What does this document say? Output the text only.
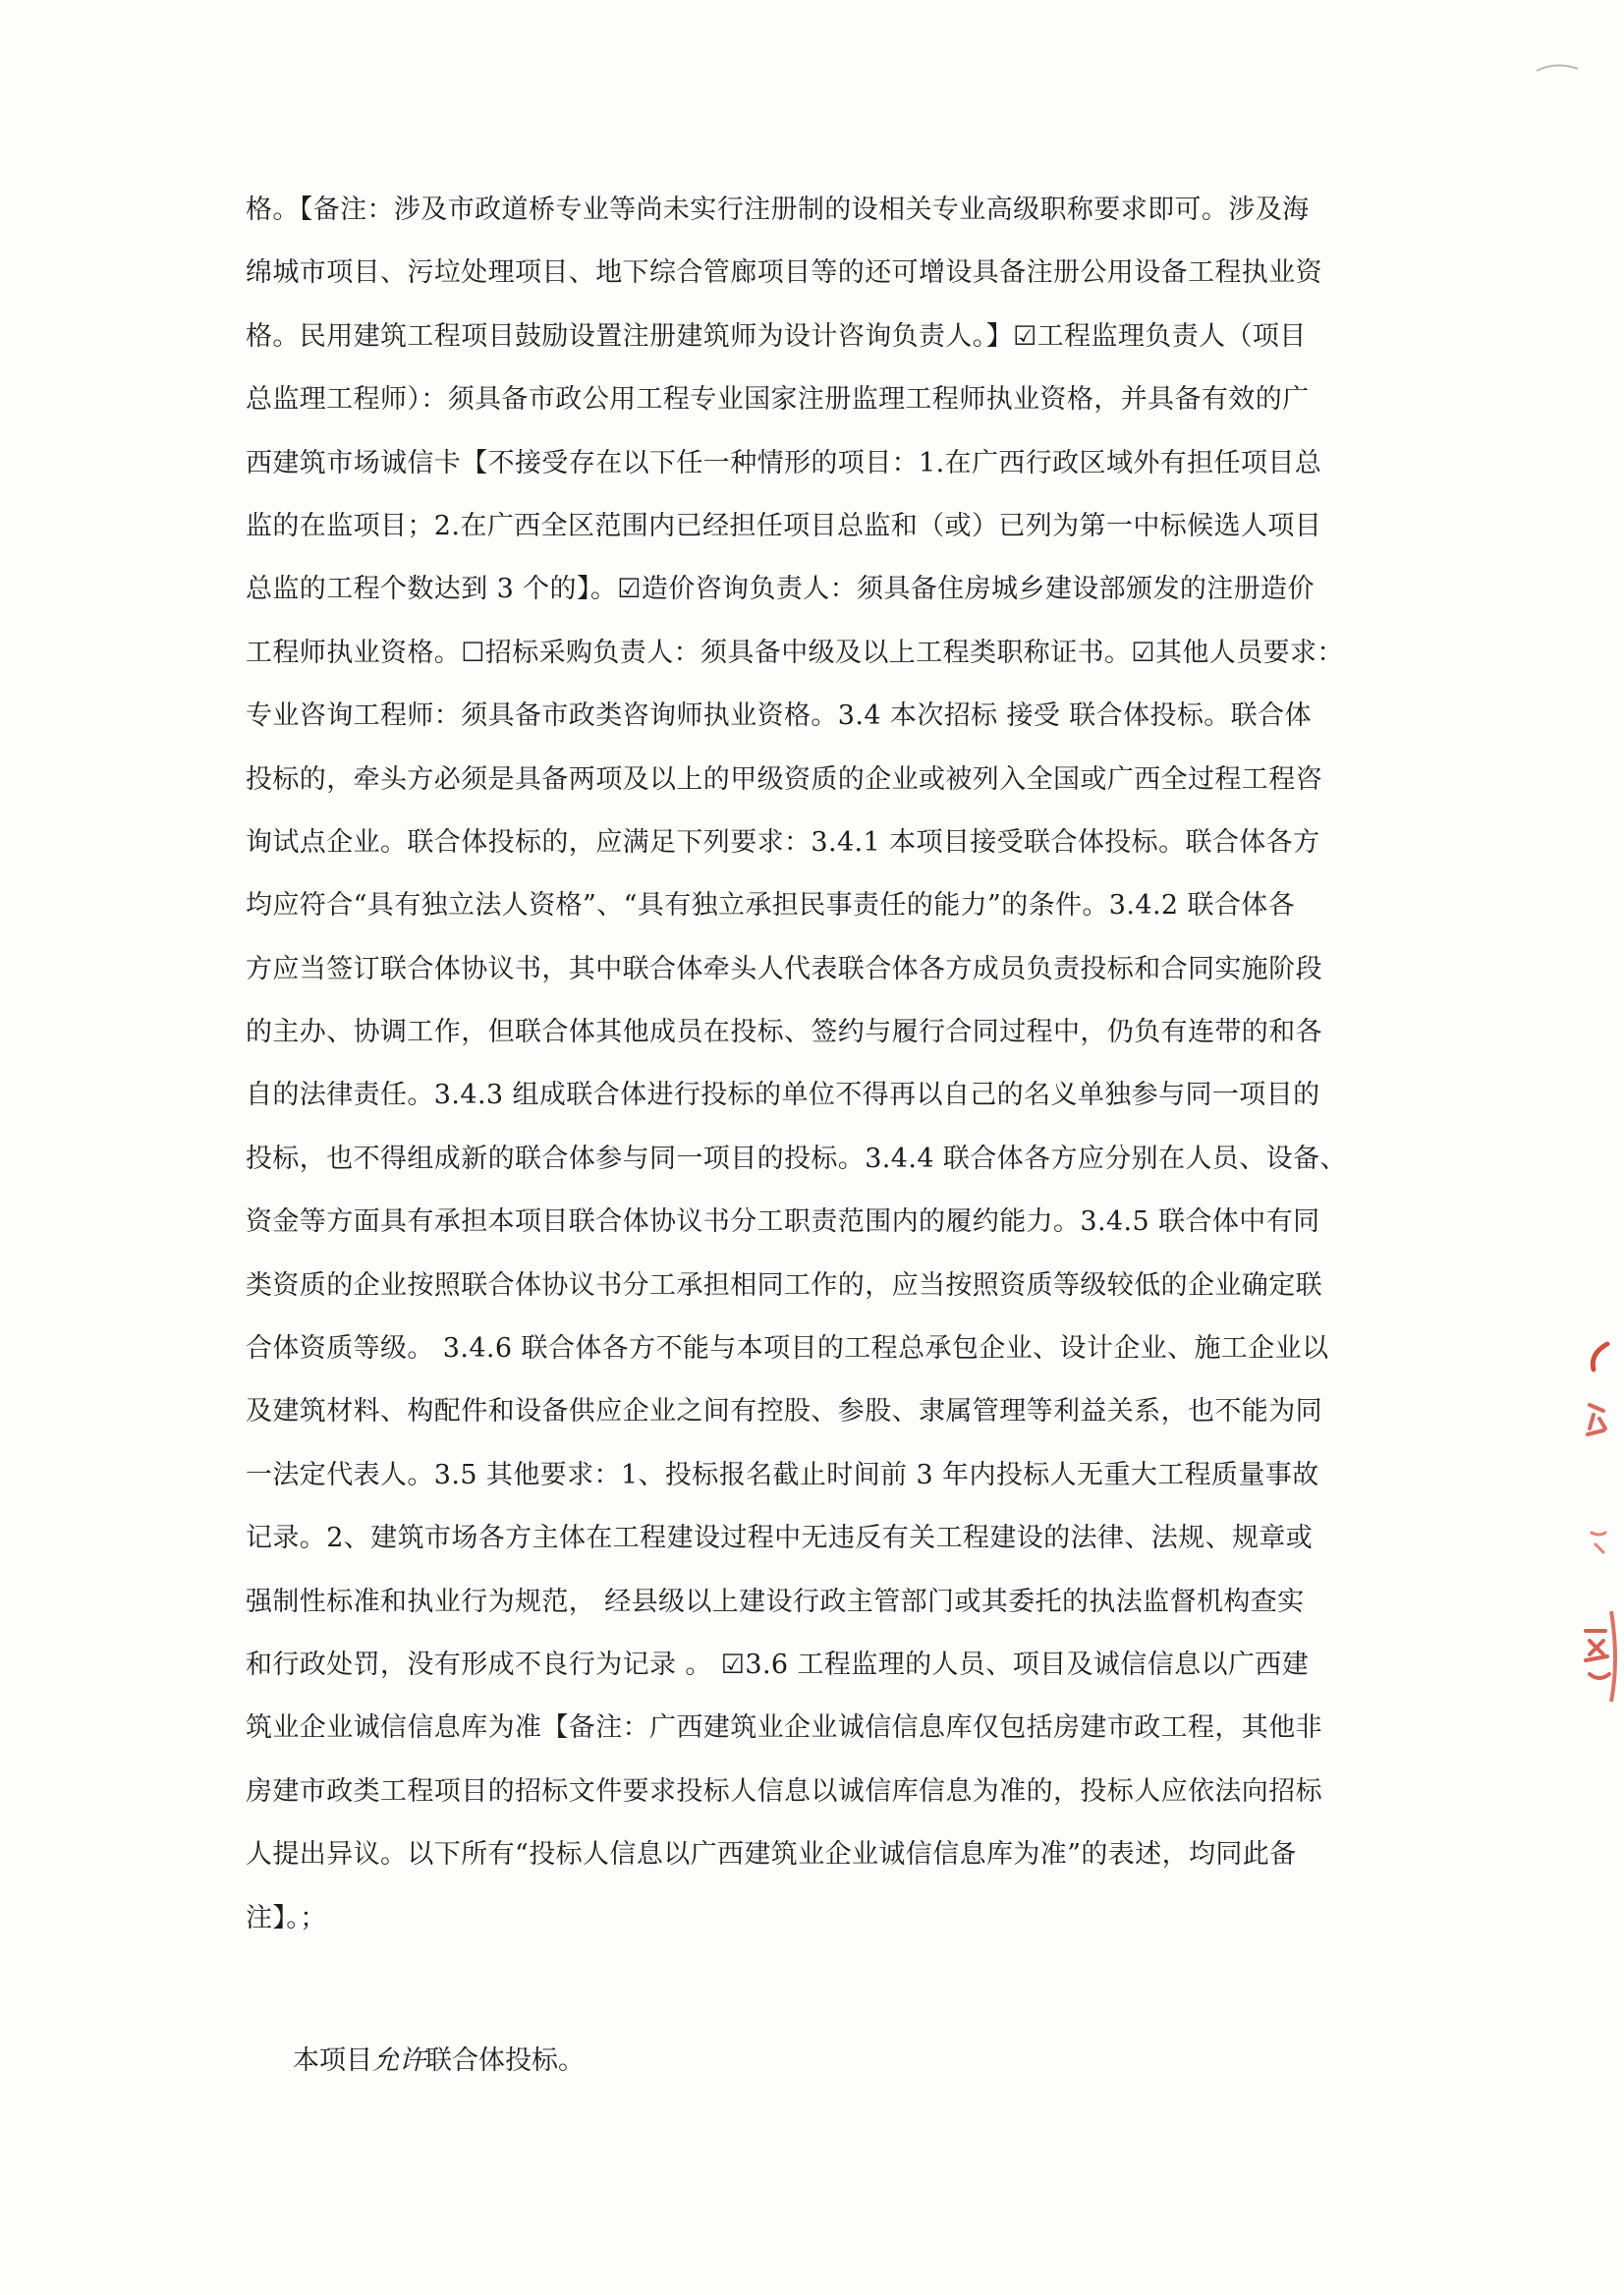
格。【备注：涉及市政道桥专业等尚未实行注册制的设相关专业高级职称要求即可。涉及海
绵城市项目、污垃处理项目、地下综合管廊项目等的还可增设具备注册公用设备工程执业资
格。民用建筑工程项目鼓励设置注册建筑师为设计咨询负责人。】☑工程监理负责人（项目
总监理工程师）：须具备市政公用工程专业国家注册监理工程师执业资格，并具备有效的广
西建筑市场诚信卡【不接受存在以下任一种情形的项目：1.在广西行政区域外有担任项目总
监的在监项目；2.在广西全区范围内已经担任项目总监和（或）已列为第一中标候选人项目
总监的工程个数达到 3 个的】。☑造价咨询负责人：须具备住房城乡建设部颁发的注册造价
工程师执业资格。☐招标采购负责人：须具备中级及以上工程类职称证书。☑其他人员要求：
专业咨询工程师：须具备市政类咨询师执业资格。3.4 本次招标 接受 联合体投标。联合体
投标的，牵头方必须是具备两项及以上的甲级资质的企业或被列入全国或广西全过程工程咨
询试点企业。联合体投标的，应满足下列要求：3.4.1 本项目接受联合体投标。联合体各方
均应符合“具有独立法人资格”、“具有独立承担民事责任的能力”的条件。3.4.2 联合体各
方应当签订联合体协议书，其中联合体牵头人代表联合体各方成员负责投标和合同实施阶段
的主办、协调工作，但联合体其他成员在投标、签约与履行合同过程中，仍负有连带的和各
自的法律责任。3.4.3 组成联合体进行投标的单位不得再以自己的名义单独参与同一项目的
投标，也不得组成新的联合体参与同一项目的投标。3.4.4 联合体各方应分别在人员、设备、
资金等方面具有承担本项目联合体协议书分工职责范围内的履约能力。3.4.5 联合体中有同
类资质的企业按照联合体协议书分工承担相同工作的，应当按照资质等级较低的企业确定联
合体资质等级。 3.4.6 联合体各方不能与本项目的工程总承包企业、设计企业、施工企业以
及建筑材料、构配件和设备供应企业之间有控股、参股、隶属管理等利益关系，也不能为同
一法定代表人。3.5 其他要求：1、投标报名截止时间前 3 年内投标人无重大工程质量事故
记录。2、建筑市场各方主体在工程建设过程中无违反有关工程建设的法律、法规、规章或
强制性标准和执业行为规范， 经县级以上建设行政主管部门或其委托的执法监督机构查实
和行政处罚，没有形成不良行为记录 。 ☑3.6 工程监理的人员、项目及诚信信息以广西建
筑业企业诚信信息库为准【备注：广西建筑业企业诚信信息库仅包括房建市政工程，其他非
房建市政类工程项目的招标文件要求投标人信息以诚信库信息为准的，投标人应依法向招标
人提出异议。以下所有“投标人信息以广西建筑业企业诚信信息库为准”的表述，均同此备
注】。；
本项目允许联合体投标。
